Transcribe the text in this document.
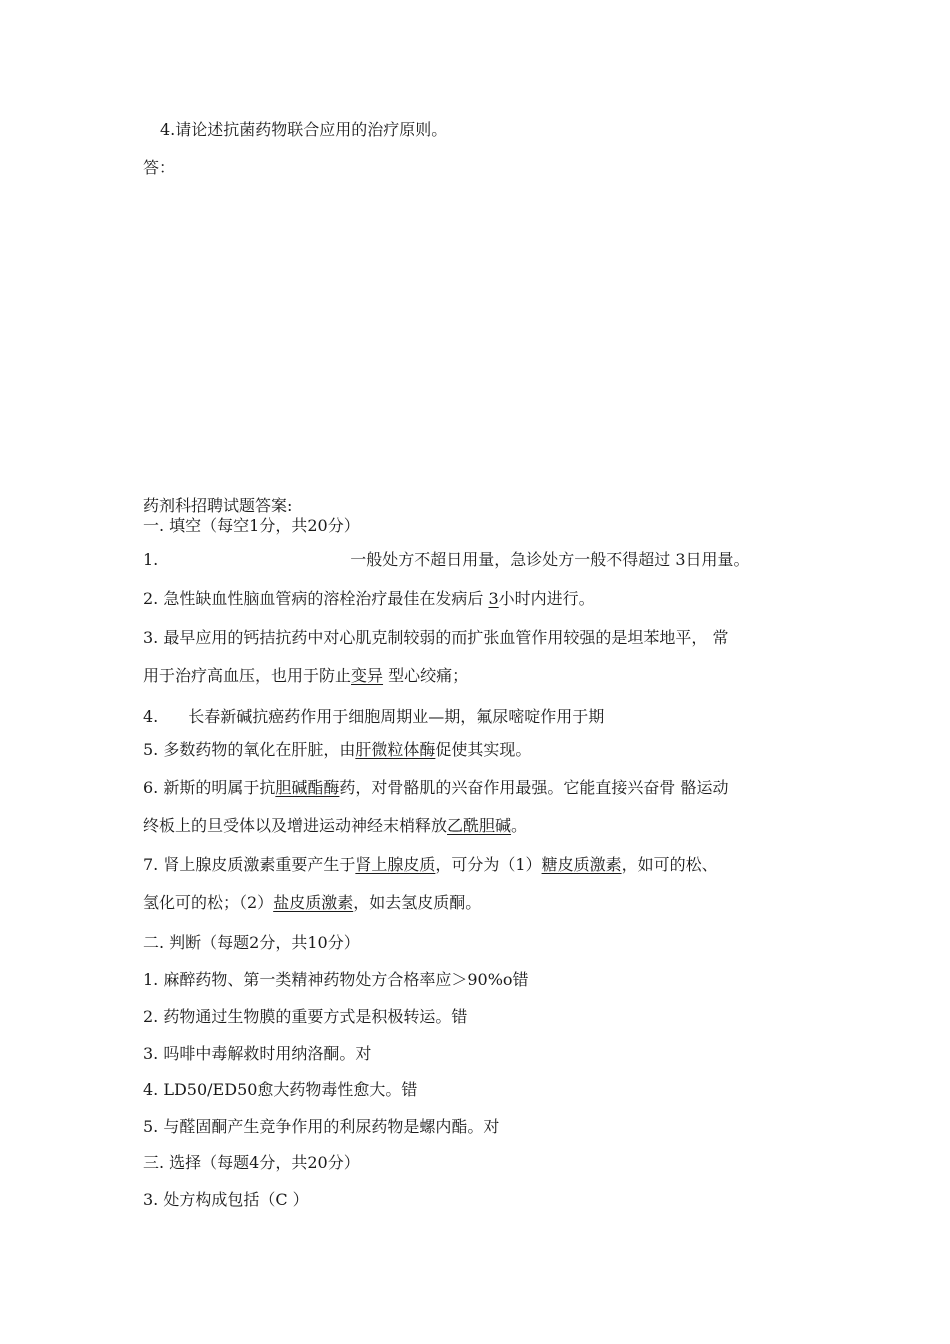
4.请论述抗菌药物联合应用的治疗原则。
答：
药剂科招聘试题答案:
一. 填空（每空1分，共20分）
1.	一般处方不超日用量，急诊处方一般不得超过 3日用量。
2. 急性缺血性脑血管病的溶栓治疗最佳在发病后 3小时内进行。
3. 最早应用的钙拮抗药中对心肌克制较弱的而扩张血管作用较强的是坦苯地平， 常
用于治疗高血压，也用于防止变异 型心绞痛；
4. 长春新碱抗癌药作用于细胞周期业—期，氟尿嘧啶作用于期
5. 多数药物的氧化在肝脏，由肝微粒体酶促使其实现。
6. 新斯的明属于抗胆碱酯酶药，对骨骼肌的兴奋作用最强。它能直接兴奋骨 骼运动
终板上的旦受体以及增进运动神经末梢释放乙酰胆碱。
7. 肾上腺皮质激素重要产生于肾上腺皮质，可分为（1）糖皮质激素，如可的松、
氢化可的松；（2）盐皮质激素，如去氢皮质酮。
二. 判断（每题2分，共10分）
1. 麻醉药物、第一类精神药物处方合格率应＞90%o错
2. 药物通过生物膜的重要方式是积极转运。错
3. 吗啡中毒解救时用纳洛酮。对
4. LD50/ED50愈大药物毒性愈大。错
5. 与醛固酮产生竞争作用的利尿药物是螺内酯。对
三. 选择（每题4分，共20分）
3. 处方构成包括（C ）
